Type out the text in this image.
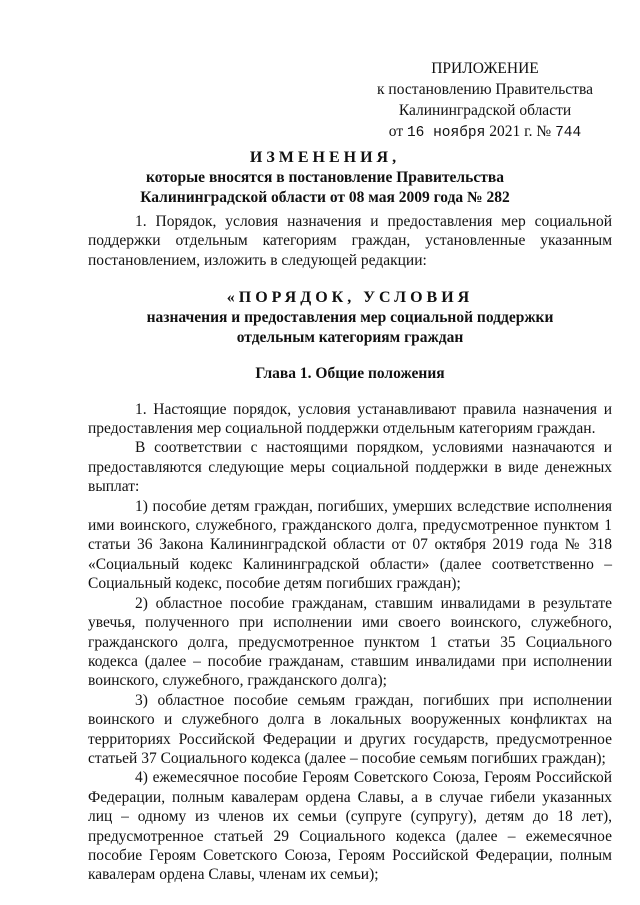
ПРИЛОЖЕНИЕ
к постановлению Правительства
Калининградской области
от 16 ноября 2021 г. № 744
ИЗМЕНЕНИЯ,
которые вносятся в постановление Правительства
Калининградской области от 08 мая 2009 года № 282

1. Порядок, условия назначения и предоставления мер социальной поддержки отдельным категориям граждан, установленные указанным постановлением, изложить в следующей редакции:

«ПОРЯДОК, УСЛОВИЯ

назначения и предоставления мер социальной поддержки

отдельным категориям граждан

Глава 1. Общие положения

1. Настоящие порядок, условия устанавливают правила назначения и предоставления мер социальной поддержки отдельным категориям граждан.

В соответствии с настоящими порядком, условиями назначаются и предоставляются следующие меры социальной поддержки в виде денежных выплат:

1) пособие детям граждан, погибших, умерших вследствие исполнения ими воинского, служебного, гражданского долга, предусмотренное пунктом 1 статьи 36 Закона Калининградской области от 07 октября 2019 года № 318 «Социальный кодекс Калининградской области» (далее соответственно – Социальный кодекс, пособие детям погибших граждан);

2) областное пособие гражданам, ставшим инвалидами в результате увечья, полученного при исполнении ими своего воинского, служебного, гражданского долга, предусмотренное пунктом 1 статьи 35 Социального кодекса (далее – пособие гражданам, ставшим инвалидами при исполнении воинского, служебного, гражданского долга);

3) областное пособие семьям граждан, погибших при исполнении воинского и служебного долга в локальных вооруженных конфликтах на территориях Российской Федерации и других государств, предусмотренное статьей 37 Социального кодекса (далее – пособие семьям погибших граждан);

4) ежемесячное пособие Героям Советского Союза, Героям Российской Федерации, полным кавалерам ордена Славы, а в случае гибели указанных лиц – одному из членов их семьи (супруге (супругу), детям до 18 лет), предусмотренное статьей 29 Социального кодекса (далее – ежемесячное пособие Героям Советского Союза, Героям Российской Федерации, полным кавалерам ордена Славы, членам их семьи);
